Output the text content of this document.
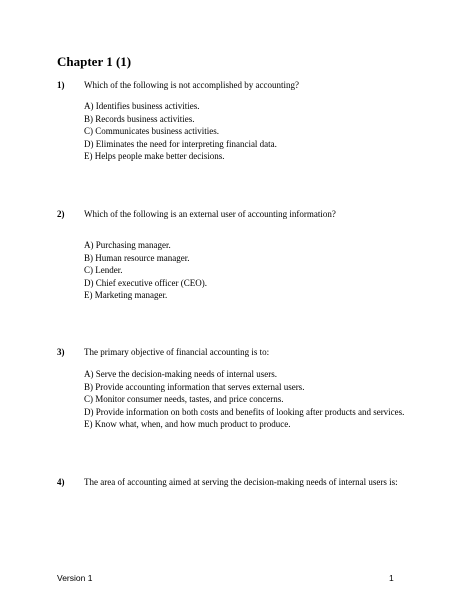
Chapter 1 (1)
1) Which of the following is not accomplished by accounting?
A) Identifies business activities.
B) Records business activities.
C) Communicates business activities.
D) Eliminates the need for interpreting financial data.
E) Helps people make better decisions.
2) Which of the following is an external user of accounting information?
A) Purchasing manager.
B) Human resource manager.
C) Lender.
D) Chief executive officer (CEO).
E) Marketing manager.
3) The primary objective of financial accounting is to:
A) Serve the decision-making needs of internal users.
B) Provide accounting information that serves external users.
C) Monitor consumer needs, tastes, and price concerns.
D) Provide information on both costs and benefits of looking after products and services.
E) Know what, when, and how much product to produce.
4) The area of accounting aimed at serving the decision-making needs of internal users is:
Version 1	1
